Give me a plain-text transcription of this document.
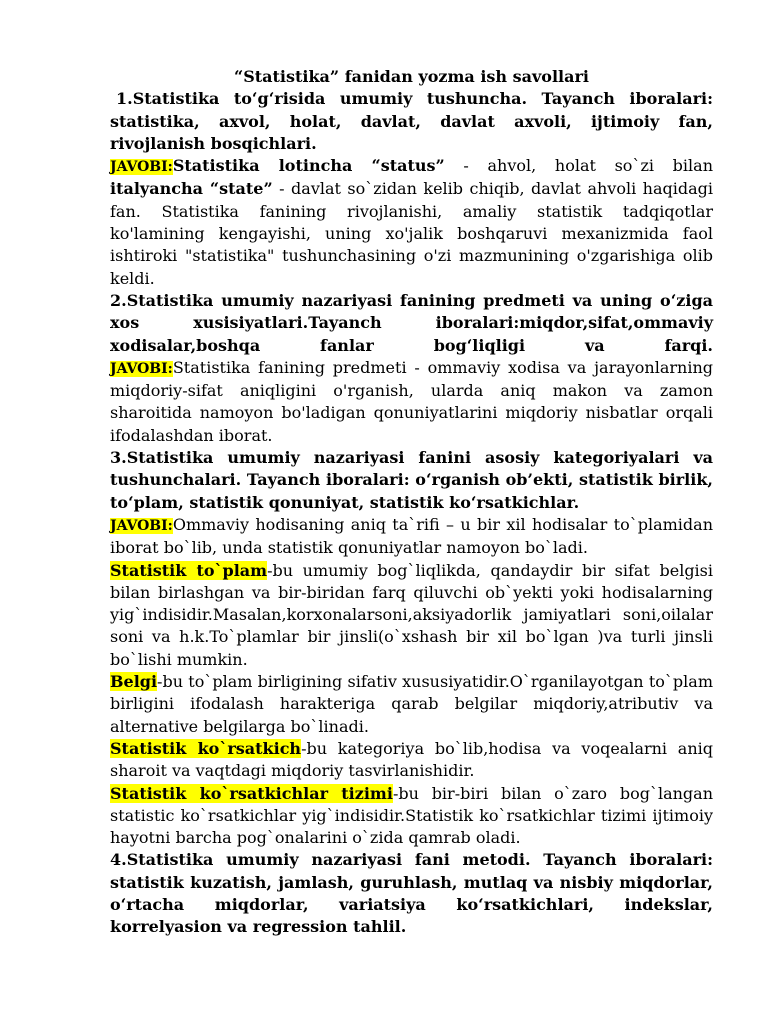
“Statistika” fanidan yozma ish savollari
1.Statistika to‘g‘risida umumiy tushuncha. Tayanch iboralari: statistika, axvol, holat, davlat, davlat axvoli, ijtimoiy fan, rivojlanish bosqichlari.
JAVOBI:Statistika lotincha “status” - ahvol, holat so`zi bilan italyancha “state” - davlat so`zidan kelib chiqib, davlat ahvoli haqidagi fan. Statistika fanining rivojlanishi, amaliy statistik tadqiqotlar ko'lamining kengayishi, uning xo'jalik boshqaruvi mexanizmida faol ishtiroki "statistika" tushunchasining o'zi mazmunining o'zgarishiga olib keldi.
2.Statistika umumiy nazariyasi fanining predmeti va uning o‘ziga xos xusisiyatlari.Tayanch iboralari:miqdor,sifat,ommaviy xodisalar,boshqa fanlar bog‘liqligi va farqi.
JAVOBI:Statistika fanining predmeti - ommaviy xodisa va jarayonlarning miqdoriy-sifat aniqligini o'rganish, ularda aniq makon va zamon sharoitida namoyon bo'ladigan qonuniyatlarini miqdoriy nisbatlar orqali ifodalashdan iborat.
3.Statistika umumiy nazariyasi fanini asosiy kategoriyalari va tushunchalari. Tayanch iboralari: o‘rganish ob’ekti, statistik birlik, to‘plam, statistik qonuniyat, statistik ko‘rsatkichlar.
JAVOBI:Ommaviy hodisaning aniq ta`rifi – u bir xil hodisalar to`plamidan iborat bo`lib, unda statistik qonuniyatlar namoyon bo`ladi.
Statistik to`plam-bu umumiy bog`liqlikda, qandaydir bir sifat belgisi bilan birlashgan va bir-biridan farq qiluvchi ob`yekti yoki hodisalarning yig`indisidir.Masalan,korxonalarsoni,aksiyadorlik jamiyatlari soni,oilalar soni va h.k.To`plamlar bir jinsli(o`xshash bir xil bo`lgan )va turli jinsli bo`lishi mumkin.
Belgi-bu to`plam birligining sifativ xususiyatidir.O`rganilayotgan to`plam birligini ifodalash harakteriga qarab belgilar miqdoriy,atributiv va alternative belgilarga bo`linadi.
Statistik ko`rsatkich-bu kategoriya bo`lib,hodisa va voqealarni aniq sharoit va vaqtdagi miqdoriy tasvirlanishidir.
Statistik ko`rsatkichlar tizimi-bu bir-biri bilan o`zaro bog`langan statistic ko`rsatkichlar yig`indisidir.Statistik ko`rsatkichlar tizimi ijtimoiy hayotni barcha pog`onalarini o`zida qamrab oladi.
4.Statistika umumiy nazariyasi fani metodi. Tayanch iboralari: statistik kuzatish, jamlash, guruhlash, mutlaq va nisbiy miqdorlar, o‘rtacha miqdorlar, variatsiya ko‘rsatkichlari, indekslar, korrelyasion va regression tahlil.
